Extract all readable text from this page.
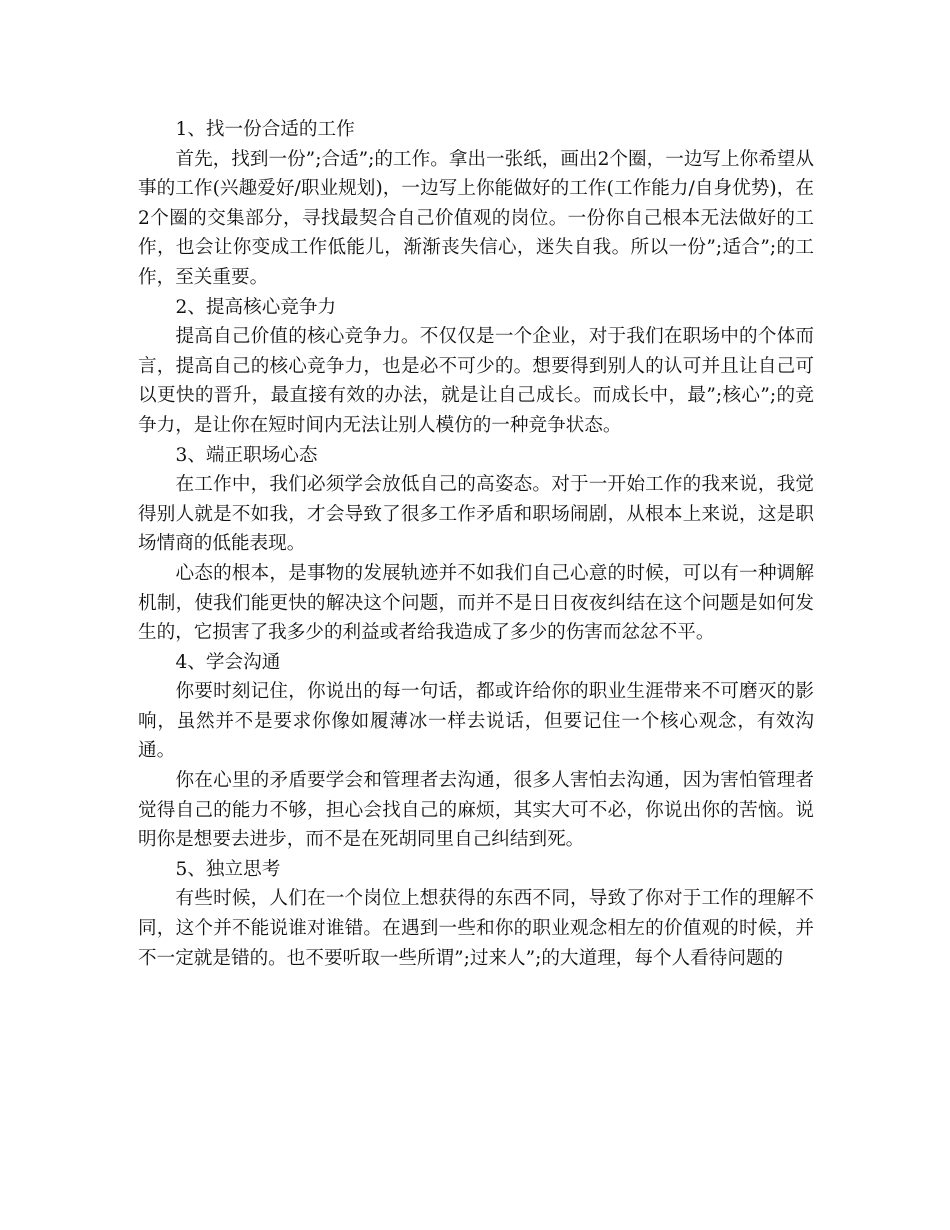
1、找一份合适的工作

首先，找到一份”;合适”;的工作。拿出一张纸，画出2个圈，一边写上你希望从事的工作(兴趣爱好/职业规划)，一边写上你能做好的工作(工作能力/自身优势)，在2个圈的交集部分，寻找最契合自己价值观的岗位。一份你自己根本无法做好的工作，也会让你变成工作低能儿，渐渐丧失信心，迷失自我。所以一份”;适合”;的工作，至关重要。

2、提高核心竞争力

提高自己价值的核心竞争力。不仅仅是一个企业，对于我们在职场中的个体而言，提高自己的核心竞争力，也是必不可少的。想要得到别人的认可并且让自己可以更快的晋升，最直接有效的办法，就是让自己成长。而成长中，最”;核心”;的竞争力，是让你在短时间内无法让别人模仿的一种竞争状态。

3、端正职场心态

在工作中，我们必须学会放低自己的高姿态。对于一开始工作的我来说，我觉得别人就是不如我，才会导致了很多工作矛盾和职场闹剧，从根本上来说，这是职场情商的低能表现。

心态的根本，是事物的发展轨迹并不如我们自己心意的时候，可以有一种调解机制，使我们能更快的解决这个问题，而并不是日日夜夜纠结在这个问题是如何发生的，它损害了我多少的利益或者给我造成了多少的伤害而忿忿不平。

4、学会沟通

你要时刻记住，你说出的每一句话，都或许给你的职业生涯带来不可磨灭的影响，虽然并不是要求你像如履薄冰一样去说话，但要记住一个核心观念，有效沟通。

你在心里的矛盾要学会和管理者去沟通，很多人害怕去沟通，因为害怕管理者觉得自己的能力不够，担心会找自己的麻烦，其实大可不必，你说出你的苦恼。说明你是想要去进步，而不是在死胡同里自己纠结到死。

5、独立思考

有些时候，人们在一个岗位上想获得的东西不同，导致了你对于工作的理解不同，这个并不能说谁对谁错。在遇到一些和你的职业观念相左的价值观的时候，并不一定就是错的。也不要听取一些所谓”;过来人”;的大道理，每个人看待问题的
